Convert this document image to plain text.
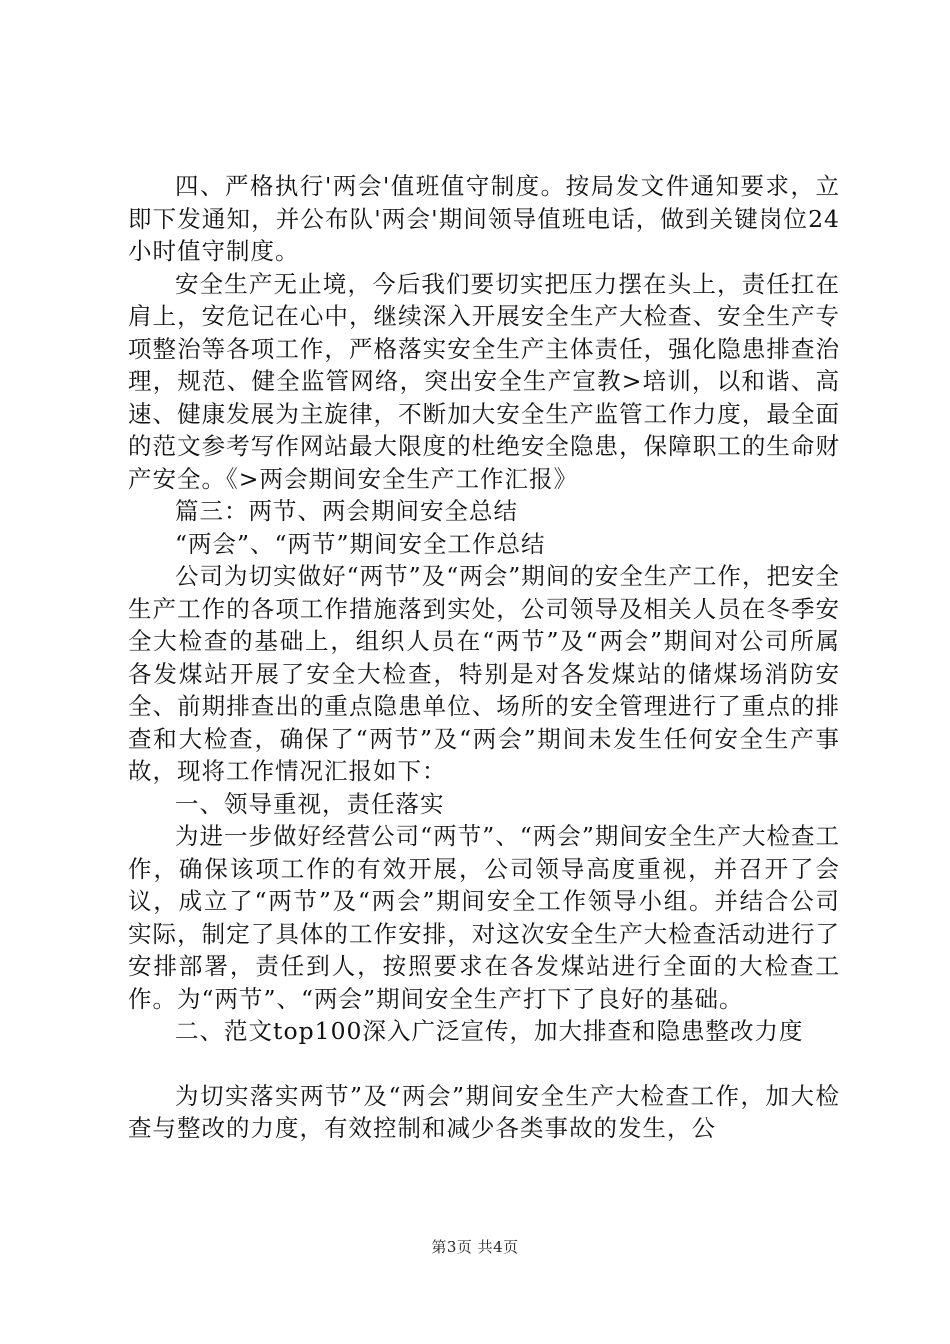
四、严格执行'两会'值班值守制度。按局发文件通知要求，立即下发通知，并公布队'两会'期间领导值班电话，做到关键岗位24小时值守制度。

安全生产无止境，今后我们要切实把压力摆在头上，责任扛在肩上，安危记在心中，继续深入开展安全生产大检查、安全生产专项整治等各项工作，严格落实安全生产主体责任，强化隐患排查治理，规范、健全监管网络，突出安全生产宣教>培训，以和谐、高速、健康发展为主旋律，不断加大安全生产监管工作力度，最全面的范文参考写作网站最大限度的杜绝安全隐患，保障职工的生命财产安全。《>两会期间安全生产工作汇报》

篇三：两节、两会期间安全总结

“两会”、“两节”期间安全工作总结

公司为切实做好“两节”及“两会”期间的安全生产工作，把安全生产工作的各项工作措施落到实处，公司领导及相关人员在冬季安全大检查的基础上，组织人员在“两节”及“两会”期间对公司所属各发煤站开展了安全大检查，特别是对各发煤站的储煤场消防安全、前期排查出的重点隐患单位、场所的安全管理进行了重点的排查和大检查，确保了“两节”及“两会”期间未发生任何安全生产事故，现将工作情况汇报如下：

一、领导重视，责任落实

为进一步做好经营公司“两节”、“两会”期间安全生产大检查工作，确保该项工作的有效开展，公司领导高度重视，并召开了会议，成立了“两节”及“两会”期间安全工作领导小组。并结合公司实际，制定了具体的工作安排，对这次安全生产大检查活动进行了安排部署，责任到人，按照要求在各发煤站进行全面的大检查工作。为“两节”、“两会”期间安全生产打下了良好的基础。

二、范文top100深入广泛宣传，加大排查和隐患整改力度

为切实落实两节”及“两会”期间安全生产大检查工作，加大检查与整改的力度，有效控制和减少各类事故的发生，公

第3页 共4页
